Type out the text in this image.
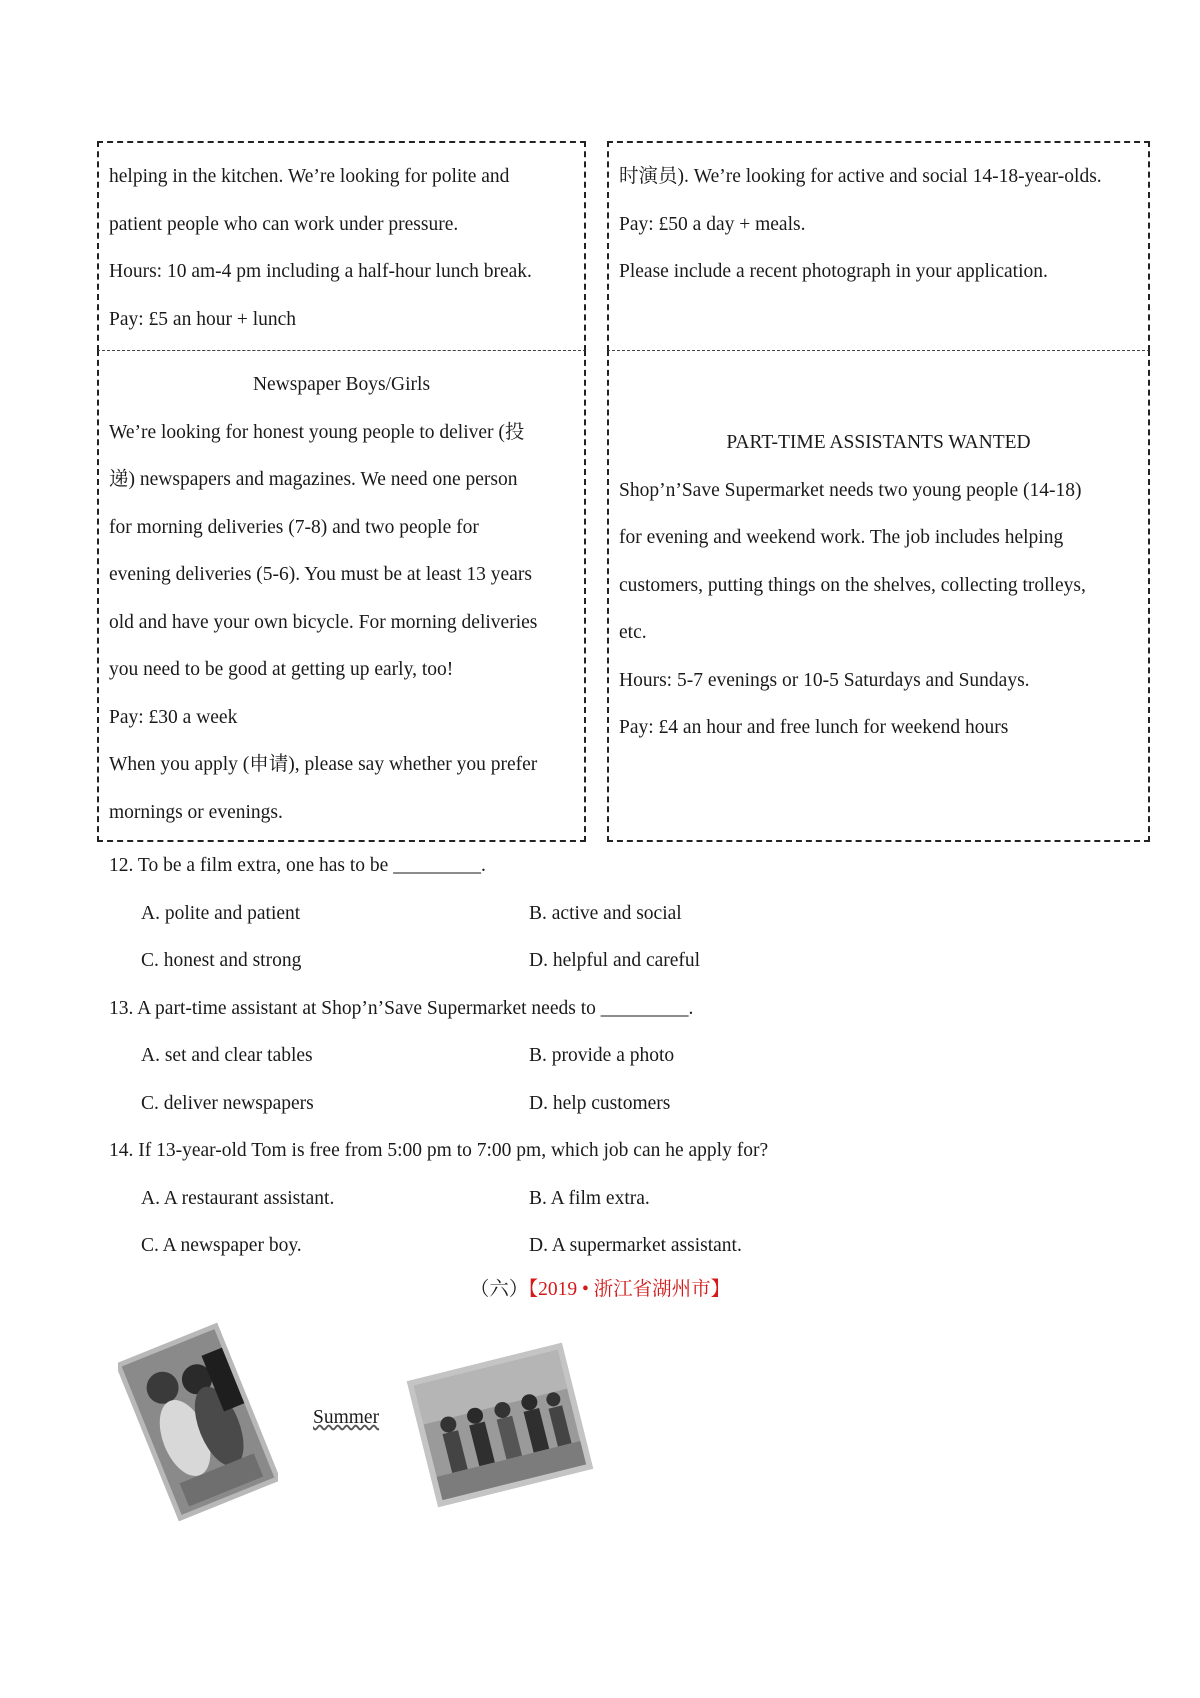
helping in the kitchen. We’re looking for polite and

patient people who can work under pressure.

Hours: 10 am-4 pm including a half-hour lunch break.

Pay: £5 an hour + lunch

时演员). We’re looking for active and social 14-18-year-olds.

Pay: £50 a day + meals.

Please include a recent photograph in your application.

Newspaper Boys/Girls

We’re looking for honest young people to deliver (投

递) newspapers and magazines. We need one person

for morning deliveries (7-8) and two people for

evening deliveries (5-6). You must be at least 13 years

old and have your own bicycle. For morning deliveries

you need to be good at getting up early, too!

Pay: £30 a week

When you apply (申请), please say whether you prefer

mornings or evenings.

PART-TIME ASSISTANTS WANTED

Shop’n’Save Supermarket needs two young people (14-18)

for evening and weekend work. The job includes helping

customers, putting things on the shelves, collecting trolleys,

etc.

Hours: 5-7 evenings or 10-5 Saturdays and Sundays.

Pay: £4 an hour and free lunch for weekend hours

12. To be a film extra, one has to be _________.

A. polite and patient	B. active and social
C. honest and strong	D. helpful and careful

13. A part-time assistant at Shop’n’Save Supermarket needs to _________.

A. set and clear tables	B. provide a photo
C. deliver newspapers	D. help customers

14. If 13-year-old Tom is free from 5:00 pm to 7:00 pm, which job can he apply for?

A. A restaurant assistant.	B. A film extra.
C. A newspaper boy.	D. A supermarket assistant.
（六）【2019 • 浙江省湖州市】
Summer
